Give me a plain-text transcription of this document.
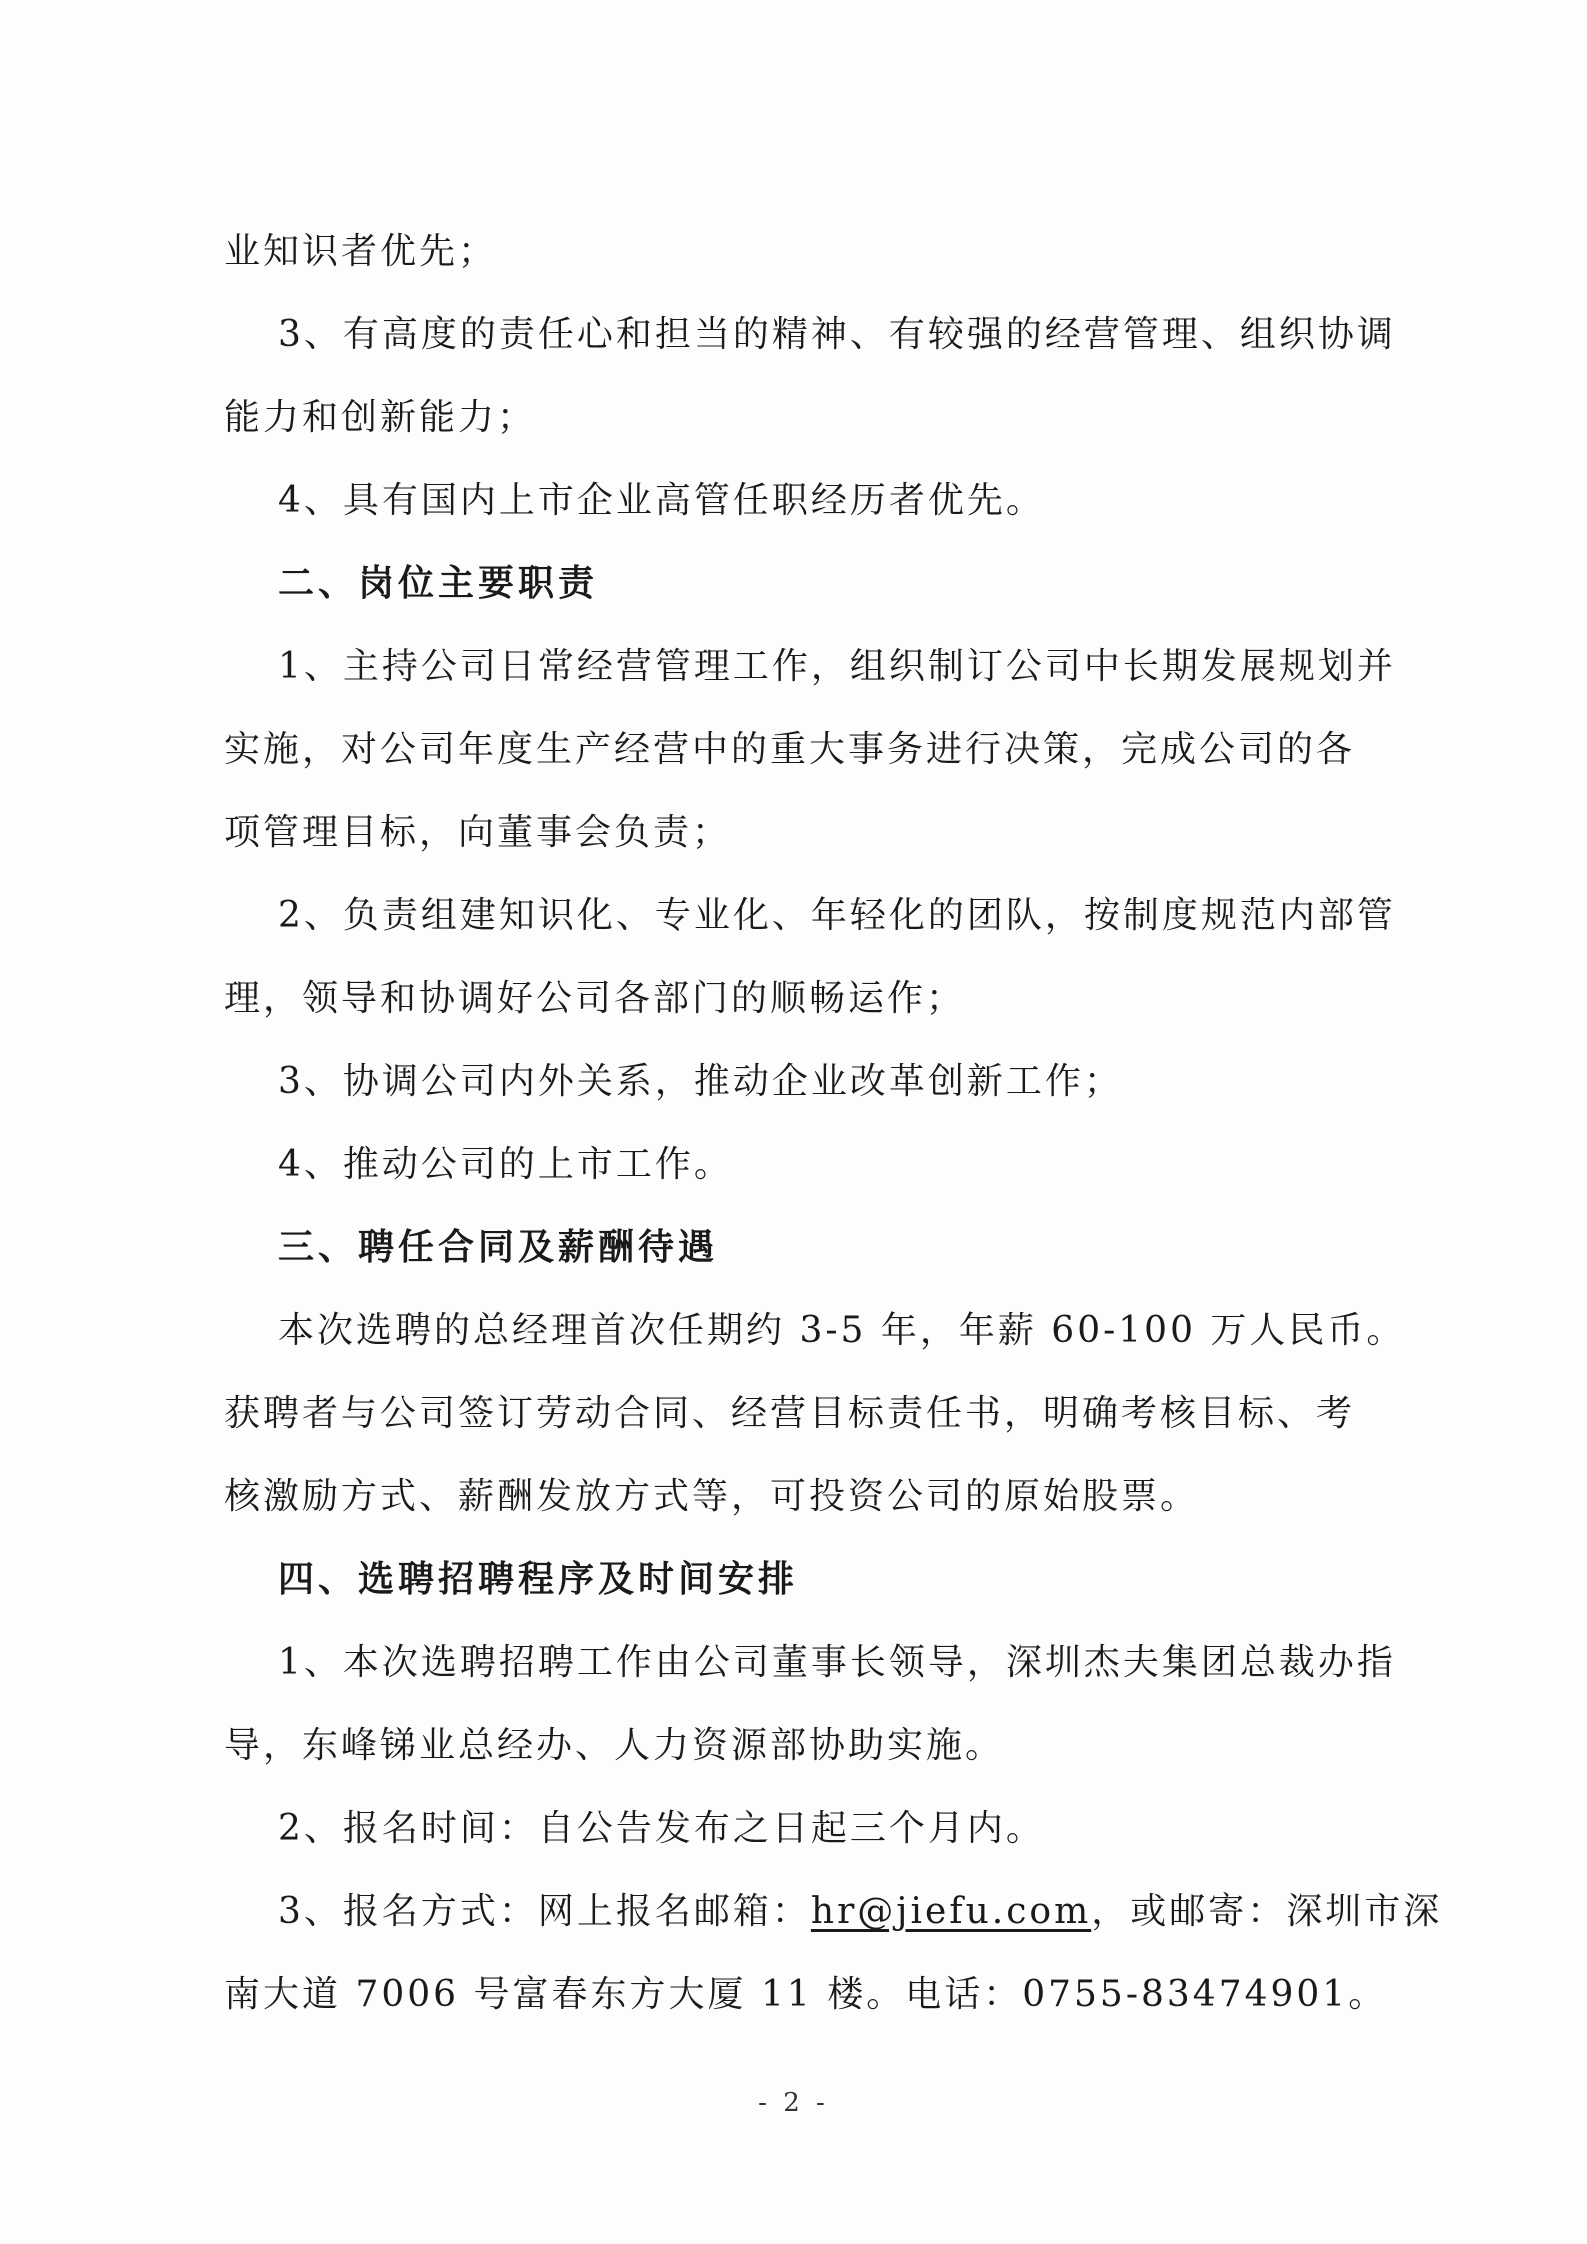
业知识者优先；
3、有高度的责任心和担当的精神、有较强的经营管理、组织协调
能力和创新能力；
4、具有国内上市企业高管任职经历者优先。
二、岗位主要职责
1、主持公司日常经营管理工作，组织制订公司中长期发展规划并
实施，对公司年度生产经营中的重大事务进行决策，完成公司的各
项管理目标，向董事会负责；
2、负责组建知识化、专业化、年轻化的团队，按制度规范内部管
理，领导和协调好公司各部门的顺畅运作；
3、协调公司内外关系，推动企业改革创新工作；
4、推动公司的上市工作。
三、聘任合同及薪酬待遇
本次选聘的总经理首次任期约 3-5 年，年薪 60-100 万人民币。
获聘者与公司签订劳动合同、经营目标责任书，明确考核目标、考
核激励方式、薪酬发放方式等，可投资公司的原始股票。
四、选聘招聘程序及时间安排
1、本次选聘招聘工作由公司董事长领导，深圳杰夫集团总裁办指
导，东峰锑业总经办、人力资源部协助实施。
2、报名时间：自公告发布之日起三个月内。
3、报名方式：网上报名邮箱：hr@jiefu.com，或邮寄：深圳市深
南大道 7006 号富春东方大厦 11 楼。电话：0755-83474901。
- 2 -
